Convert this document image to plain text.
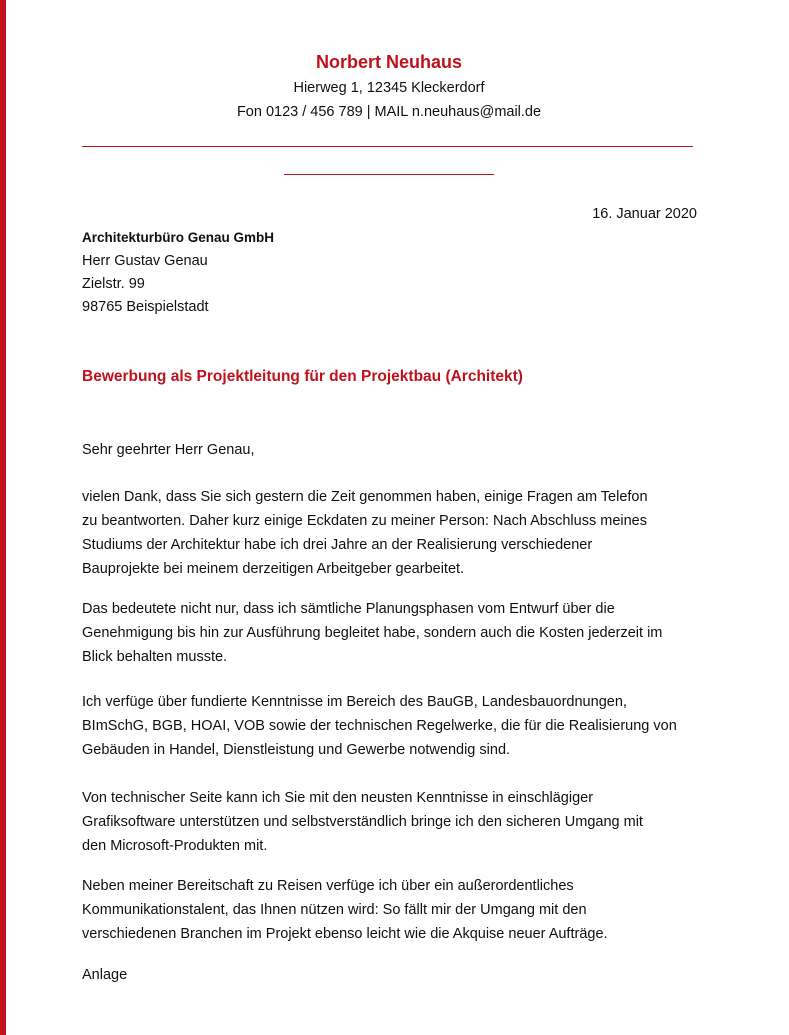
Norbert Neuhaus
Hierweg 1, 12345 Kleckerdorf
Fon 0123 / 456 789 | MAIL n.neuhaus@mail.de
16. Januar 2020
Architekturbüro Genau GmbH
Herr Gustav Genau
Zielstr. 99
98765 Beispielstadt
Bewerbung als Projektleitung für den Projektbau (Architekt)
Sehr geehrter Herr Genau,
vielen Dank, dass Sie sich gestern die Zeit genommen haben, einige Fragen am Telefon
zu beantworten. Daher kurz einige Eckdaten zu meiner Person: Nach Abschluss meines
Studiums der Architektur habe ich drei Jahre an der Realisierung verschiedener
Bauprojekte bei meinem derzeitigen Arbeitgeber gearbeitet.
Das bedeutete nicht nur, dass ich sämtliche Planungsphasen vom Entwurf über die
Genehmigung bis hin zur Ausführung begleitet habe, sondern auch die Kosten jederzeit im
Blick behalten musste.
Ich verfüge über fundierte Kenntnisse im Bereich des BauGB, Landesbauordnungen,
BImSchG, BGB, HOAI, VOB sowie der technischen Regelwerke, die für die Realisierung von
Gebäuden in Handel, Dienstleistung und Gewerbe notwendig sind.
Von technischer Seite kann ich Sie mit den neusten Kenntnisse in einschlägiger
Grafiksoftware unterstützen und selbstverständlich bringe ich den sicheren Umgang mit
den Microsoft-Produkten mit.
Neben meiner Bereitschaft zu Reisen verfüge ich über ein außerordentliches
Kommunikationstalent, das Ihnen nützen wird: So fällt mir der Umgang mit den
verschiedenen Branchen im Projekt ebenso leicht wie die Akquise neuer Aufträge.
Anlage
